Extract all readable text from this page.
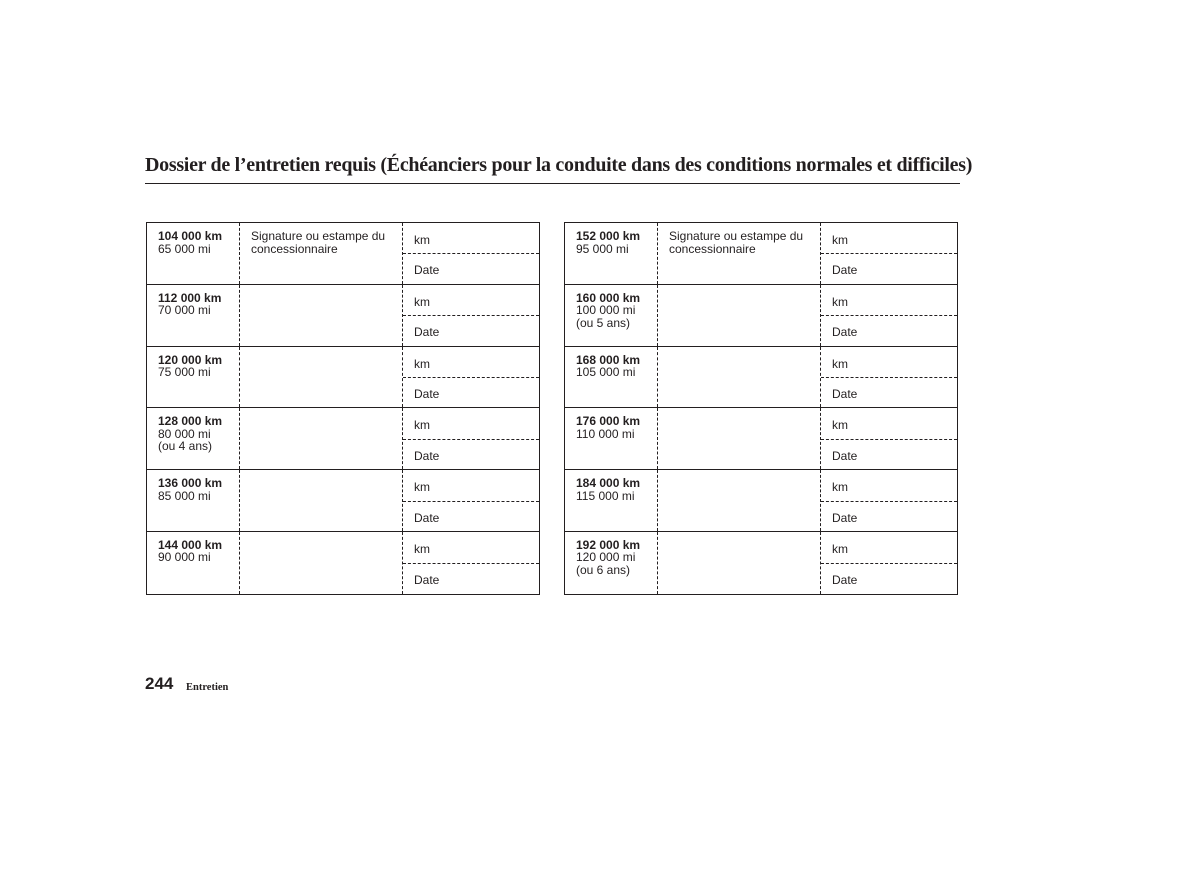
Dossier de l’entretien requis (Échéanciers pour la conduite dans des conditions normales et difficiles)
104 000 km
65 000 mi
Signature ou estampe du
concessionnaire
km
Date
112 000 km
70 000 mi
km
Date
120 000 km
75 000 mi
km
Date
128 000 km
80 000 mi
(ou 4 ans)
km
Date
136 000 km
85 000 mi
km
Date
144 000 km
90 000 mi
km
Date
152 000 km
95 000 mi
Signature ou estampe du
concessionnaire
km
Date
160 000 km
100 000 mi
(ou 5 ans)
km
Date
168 000 km
105 000 mi
km
Date
176 000 km
110 000 mi
km
Date
184 000 km
115 000 mi
km
Date
192 000 km
120 000 mi
(ou 6 ans)
km
Date
244 Entretien
